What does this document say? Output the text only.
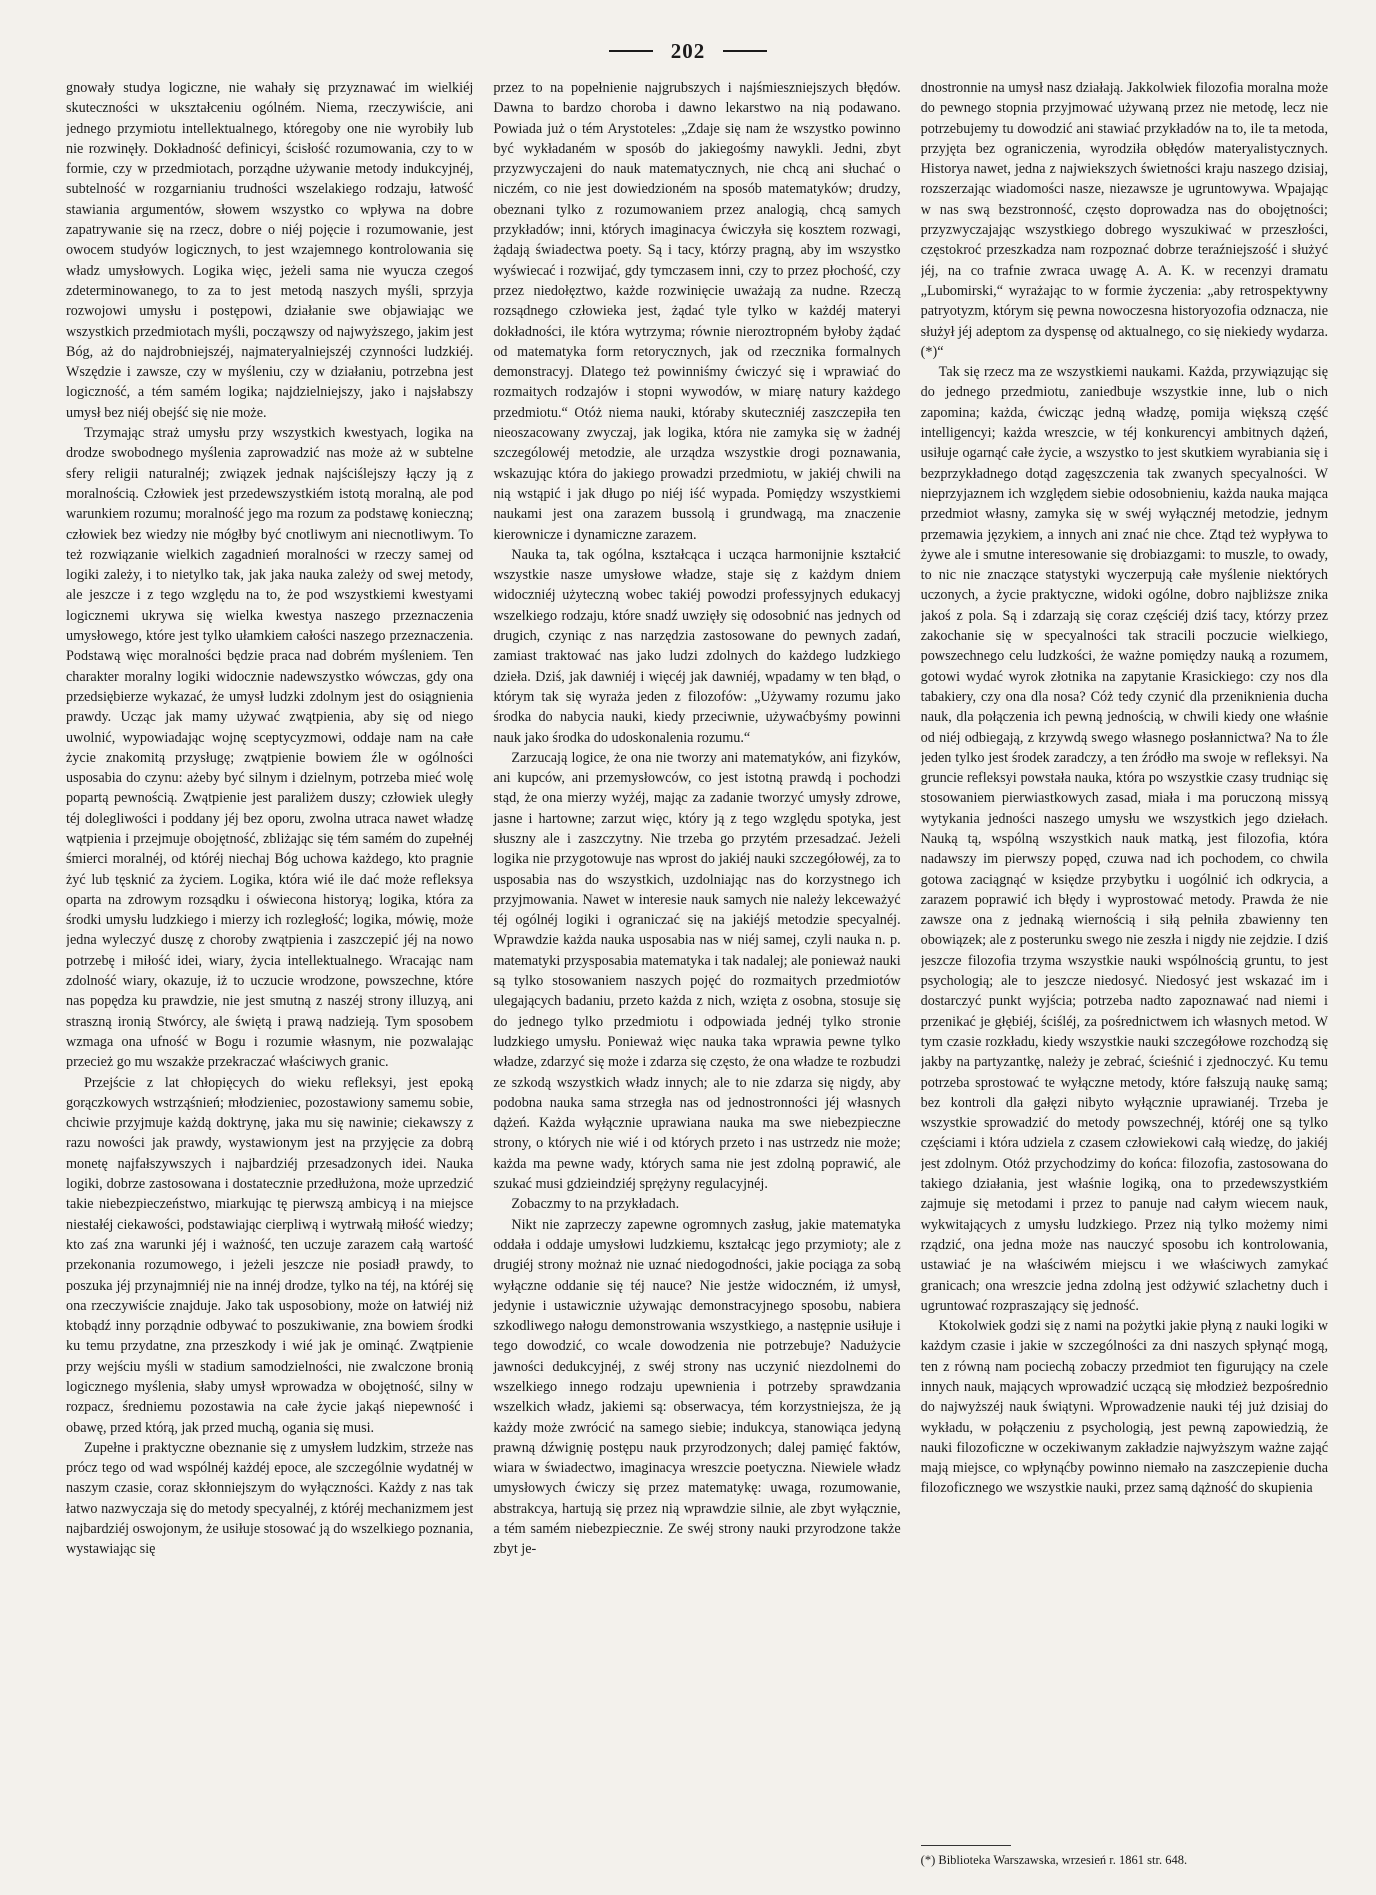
202

gnowały studya logiczne, nie wahały się przyznawać im wielkiéj skuteczności w ukształceniu ogólném. Niema, rzeczywiście, ani jednego przymiotu intellektualnego, któregoby one nie wyrobiły lub nie rozwinęły. Dokładność definicyi, ścisłość rozumowania, czy to w formie, czy w przedmiotach, porządne używanie metody indukcyjnéj, subtelność w rozgarnianiu trudności wszelakiego rodzaju, łatwość stawiania argumentów, słowem wszystko co wpływa na dobre zapatrywanie się na rzecz, dobre o niéj pojęcie i rozumowanie, jest owocem studyów logicznych, to jest wzajemnego kontrolowania się władz umysłowych. Logika więc, jeżeli sama nie wyucza czegoś zdeterminowanego, to za to jest metodą naszych myśli, sprzyja rozwojowi umysłu i postępowi, działanie swe objawiając we wszystkich przedmiotach myśli, począwszy od najwyższego, jakim jest Bóg, aż do najdrobniejszéj, najmateryalniejszéj czynności ludzkiéj. Wszędzie i zawsze, czy w myśleniu, czy w działaniu, potrzebna jest logiczność, a tém samém logika; najdzielniejszy, jako i najsłabszy umysł bez niéj obejść się nie może.

Trzymając straż umysłu przy wszystkich kwestyach, logika na drodze swobodnego myślenia zaprowadzić nas może aż w subtelne sfery religii naturalnéj; związek jednak najściślejszy łączy ją z moralnością. Człowiek jest przedewszystkiém istotą moralną, ale pod warunkiem rozumu; moralność jego ma rozum za podstawę konieczną; człowiek bez wiedzy nie mógłby być cnotliwym ani niecnotliwym. To też rozwiązanie wielkich zagadnień moralności w rzeczy samej od logiki zależy, i to nietylko tak, jak jaka nauka zależy od swej metody, ale jeszcze i z tego względu na to, że pod wszystkiemi kwestyami logicznemi ukrywa się wielka kwestya naszego przeznaczenia umysłowego, które jest tylko ułamkiem całości naszego przeznaczenia. Podstawą więc moralności będzie praca nad dobrém myśleniem. Ten charakter moralny logiki widocznie nadewszystko wówczas, gdy ona przedsiębierze wykazać, że umysł ludzki zdolnym jest do osiągnienia prawdy. Ucząc jak mamy używać zwątpienia, aby się od niego uwolnić, wypowiadając wojnę sceptycyzmowi, oddaje nam na całe życie znakomitą przysługę; zwątpienie bowiem źle w ogólności usposabia do czynu: ażeby być silnym i dzielnym, potrzeba mieć wolę popartą pewnością. Zwątpienie jest paraliżem duszy; człowiek uległy téj dolegliwości i poddany jéj bez oporu, zwolna utraca nawet władzę wątpienia i przejmuje obojętność, zbliżając się tém samém do zupełnéj śmierci moralnéj, od któréj niechaj Bóg uchowa każdego, kto pragnie żyć lub tęsknić za życiem. Logika, która wié ile dać może refleksya oparta na zdrowym rozsądku i oświecona historyą; logika, która za środki umysłu ludzkiego i mierzy ich rozległość; logika, mówię, może jedna wyleczyć duszę z choroby zwątpienia i zaszczepić jéj na nowo potrzebę i miłość idei, wiary, życia intellektualnego. Wracając nam zdolność wiary, okazuje, iż to uczucie wrodzone, powszechne, które nas popędza ku prawdzie, nie jest smutną z naszéj strony illuzyą, ani straszną ironią Stwórcy, ale świętą i prawą nadzieją. Tym sposobem wzmaga ona ufność w Bogu i rozumie własnym, nie pozwalając przecież go mu wszakże przekraczać właściwych granic.

Przejście z lat chłopięcych do wieku refleksyi, jest epoką gorączkowych wstrząśnień; młodzieniec, pozostawiony samemu sobie, chciwie przyjmuje każdą doktrynę, jaka mu się nawinie; ciekawszy z razu nowości jak prawdy, wystawionym jest na przyjęcie za dobrą monetę najfałszywszych i najbardziéj przesadzonych idei. Nauka logiki, dobrze zastosowana i dostatecznie przedłużona, może uprzedzić takie niebezpieczeństwo, miarkując tę pierwszą ambicyą i na miejsce niestałéj ciekawości, podstawiając cierpliwą i wytrwałą miłość wiedzy; kto zaś zna warunki jéj i ważność, ten uczuje zarazem całą wartość przekonania rozumowego, i jeżeli jeszcze nie posiadł prawdy, to poszuka jéj przynajmniéj nie na innéj drodze, tylko na téj, na któréj się ona rzeczywiście znajduje. Jako tak usposobiony, może on łatwiéj niż ktobądź inny porządnie odbywać to poszukiwanie, zna bowiem środki ku temu przydatne, zna przeszkody i wié jak je ominąć. Zwątpienie przy wejściu myśli w stadium samodzielności, nie zwalczone bronią logicznego myślenia, słaby umysł wprowadza w obojętność, silny w rozpacz, średniemu pozostawia na całe życie jakąś niepewność i obawę, przed którą, jak przed muchą, ogania się musi.

Zupełne i praktyczne obeznanie się z umysłem ludzkim, strzeże nas prócz tego od wad wspólnéj każdéj epoce, ale szczególnie wydatnéj w naszym czasie, coraz skłonniejszym do wyłączności. Każdy z nas tak łatwo nazwyczaja się do metody specyalnéj, z któréj mechanizmem jest najbardziéj oswojonym, że usiłuje stosować ją do wszelkiego poznania, wystawiając się

przez to na popełnienie najgrubszych i najśmieszniejszych błędów. Dawna to bardzo choroba i dawno lekarstwo na nią podawano. Powiada już o tém Arystoteles: „Zdaje się nam że wszystko powinno być wykładaném w sposób do jakiegośmy nawykli. Jedni, zbyt przyzwyczajeni do nauk matematycznych, nie chcą ani słuchać o niczém, co nie jest dowiedzioném na sposób matematyków; drudzy, obeznani tylko z rozumowaniem przez analogią, chcą samych przykładów; inni, których imaginacya ćwiczyła się kosztem rozwagi, żądają świadectwa poety. Są i tacy, którzy pragną, aby im wszystko wyświecać i rozwijać, gdy tymczasem inni, czy to przez płochość, czy przez niedołęztwo, każde rozwinięcie uważają za nudne. Rzeczą rozsądnego człowieka jest, żądać tyle tylko w każdéj materyi dokładności, ile która wytrzyma; równie nieroztropném byłoby żądać od matematyka form retorycznych, jak od rzecznika formalnych demonstracyj. Dlatego też powinniśmy ćwiczyć się i wprawiać do rozmaitych rodzajów i stopni wywodów, w miarę natury każdego przedmiotu.“ Otóż niema nauki, któraby skuteczniéj zaszczepiła ten nieoszacowany zwyczaj, jak logika, która nie zamyka się w żadnéj szczególowéj metodzie, ale urządza wszystkie drogi poznawania, wskazując która do jakiego prowadzi przedmiotu, w jakiéj chwili na nią wstąpić i jak długo po niéj iść wypada. Pomiędzy wszystkiemi naukami jest ona zarazem bussolą i grundwagą, ma znaczenie kierownicze i dynamiczne zarazem.

Nauka ta, tak ogólna, kształcąca i ucząca harmonijnie kształcić wszystkie nasze umysłowe władze, staje się z każdym dniem widoczniéj użyteczną wobec takiéj powodzi professyjnych edukacyj wszelkiego rodzaju, które snadź uwzięły się odosobnić nas jednych od drugich, czyniąc z nas narzędzia zastosowane do pewnych zadań, zamiast traktować nas jako ludzi zdolnych do każdego ludzkiego dzieła. Dziś, jak dawniéj i więcéj jak dawniéj, wpadamy w ten błąd, o którym tak się wyraża jeden z filozofów: „Używamy rozumu jako środka do nabycia nauki, kiedy przeciwnie, używaćbyśmy powinni nauk jako środka do udoskonalenia rozumu.“

Zarzucają logice, że ona nie tworzy ani matematyków, ani fizyków, ani kupców, ani przemysłowców, co jest istotną prawdą i pochodzi stąd, że ona mierzy wyżéj, mając za zadanie tworzyć umysły zdrowe, jasne i hartowne; zarzut więc, który ją z tego względu spotyka, jest słuszny ale i zaszczytny. Nie trzeba go przytém przesadzać. Jeżeli logika nie przygotowuje nas wprost do jakiéj nauki szczegółowéj, za to usposabia nas do wszystkich, uzdolniając nas do korzystnego ich przyjmowania. Nawet w interesie nauk samych nie należy lekceważyć téj ogólnéj logiki i ograniczać się na jakiéjś metodzie specyalnéj. Wprawdzie każda nauka usposabia nas w niéj samej, czyli nauka n. p. matematyki przysposabia matematyka i tak nadalej; ale ponieważ nauki są tylko stosowaniem naszych pojęć do rozmaitych przedmiotów ulegających badaniu, przeto każda z nich, wzięta z osobna, stosuje się do jednego tylko przedmiotu i odpowiada jednéj tylko stronie ludzkiego umysłu. Ponieważ więc nauka taka wprawia pewne tylko władze, zdarzyć się może i zdarza się często, że ona władze te rozbudzi ze szkodą wszystkich władz innych; ale to nie zdarza się nigdy, aby podobna nauka sama strzegła nas od jednostronności jéj własnych dążeń. Każda wyłącznie uprawiana nauka ma swe niebezpieczne strony, o których nie wié i od których przeto i nas ustrzedz nie może; każda ma pewne wady, których sama nie jest zdolną poprawić, ale szukać musi gdzieindziéj sprężyny regulacyjnéj.

Zobaczmy to na przykładach.

Nikt nie zaprzeczy zapewne ogromnych zasług, jakie matematyka oddała i oddaje umysłowi ludzkiemu, kształcąc jego przymioty; ale z drugiéj strony możnaż nie uznać niedogodności, jakie pociąga za sobą wyłączne oddanie się téj nauce? Nie jestże widoczném, iż umysł, jedynie i ustawicznie używając demonstracyjnego sposobu, nabiera szkodliwego nałogu demonstrowania wszystkiego, a następnie usiłuje i tego dowodzić, co wcale dowodzenia nie potrzebuje? Nadużycie jawności dedukcyjnéj, z swéj strony nas uczynić niezdolnemi do wszelkiego innego rodzaju upewnienia i potrzeby sprawdzania wszelkich władz, jakiemi są: obserwacya, tém korzystniejsza, że ją każdy może zwrócić na samego siebie; indukcya, stanowiąca jedyną prawną dźwignię postępu nauk przyrodzonych; dalej pamięć faktów, wiara w świadectwo, imaginacya wreszcie poetyczna. Niewiele władz umysłowych ćwiczy się przez matematykę: uwaga, rozumowanie, abstrakcya, hartują się przez nią wprawdzie silnie, ale zbyt wyłącznie, a tém samém niebezpiecznie. Ze swéj strony nauki przyrodzone także zbyt je-

dnostronnie na umysł nasz działają. Jakkolwiek filozofia moralna może do pewnego stopnia przyjmować używaną przez nie metodę, lecz nie potrzebujemy tu dowodzić ani stawiać przykładów na to, ile ta metoda, przyjęta bez ograniczenia, wyrodziła obłędów materyalistycznych. Historya nawet, jedna z najwiekszych świetności kraju naszego dzisiaj, rozszerzając wiadomości nasze, niezawsze je ugruntowywa. Wpajając w nas swą bezstronność, często doprowadza nas do obojętności; przyzwyczajając wszystkiego dobrego wyszukiwać w przeszłości, częstokroć przeszkadza nam rozpoznać dobrze teraźniejszość i służyć jéj, na co trafnie zwraca uwagę A. A. K. w recenzyi dramatu „Lubomirski,“ wyrażając to w formie życzenia: „aby retrospektywny patryotyzm, którym się pewna nowoczesna historyozofia odznacza, nie służył jéj adeptom za dyspensę od aktualnego, co się niekiedy wydarza. (*)“

Tak się rzecz ma ze wszystkiemi naukami. Każda, przywiązując się do jednego przedmiotu, zaniedbuje wszystkie inne, lub o nich zapomina; każda, ćwicząc jedną władzę, pomija większą część intelligencyi; każda wreszcie, w téj konkurencyi ambitnych dążeń, usiłuje ogarnąć całe życie, a wszystko to jest skutkiem wyrabiania się i bezprzykładnego dotąd zagęszczenia tak zwanych specyalności. W nieprzyjaznem ich względem siebie odosobnieniu, każda nauka mająca przedmiot własny, zamyka się w swéj wyłącznéj metodzie, jednym przemawia językiem, a innych ani znać nie chce. Ztąd też wypływa to żywe ale i smutne interesowanie się drobiazgami: to muszle, to owady, to nic nie znaczące statystyki wyczerpują całe myślenie niektórych uczonych, a życie praktyczne, widoki ogólne, dobro najbliższe znika jakoś z pola. Są i zdarzają się coraz częściéj dziś tacy, którzy przez zakochanie się w specyalności tak stracili poczucie wielkiego, powszechnego celu ludzkości, że ważne pomiędzy nauką a rozumem, gotowi wydać wyrok złotnika na zapytanie Krasickiego: czy nos dla tabakiery, czy ona dla nosa? Cóż tedy czynić dla przeniknienia ducha nauk, dla połączenia ich pewną jednością, w chwili kiedy one właśnie od niéj odbiegają, z krzywdą swego własnego posłannictwa? Na to źle jeden tylko jest środek zaradczy, a ten źródło ma swoje w refleksyi. Na gruncie refleksyi powstała nauka, która po wszystkie czasy trudniąc się stosowaniem pierwiastkowych zasad, miała i ma poruczoną missyą wytykania jedności naszego umysłu we wszystkich jego dziełach. Nauką tą, wspólną wszystkich nauk matką, jest filozofia, która nadawszy im pierwszy popęd, czuwa nad ich pochodem, co chwila gotowa zaciągnąć w księdze przybytku i uogólnić ich odkrycia, a zarazem poprawić ich błędy i wyprostować metody. Prawda że nie zawsze ona z jednaką wiernością i siłą pełniła zbawienny ten obowiązek; ale z posterunku swego nie zeszła i nigdy nie zejdzie. I dziś jeszcze filozofia trzyma wszystkie nauki wspólnością gruntu, to jest psychologią; ale to jeszcze niedosyć. Niedosyć jest wskazać im i dostarczyć punkt wyjścia; potrzeba nadto zapoznawać nad niemi i przenikać je głębiéj, ściśléj, za pośrednictwem ich własnych metod. W tym czasie rozkładu, kiedy wszystkie nauki szczegółowe rozchodzą się jakby na partyzantkę, należy je zebrać, ścieśnić i zjednoczyć. Ku temu potrzeba sprostować te wyłączne metody, które fałszują naukę samą; bez kontroli dla gałęzi nibyto wyłącznie uprawianéj. Trzeba je wszystkie sprowadzić do metody powszechnéj, któréj one są tylko częściami i która udziela z czasem człowiekowi całą wiedzę, do jakiéj jest zdolnym. Otóż przychodzimy do końca: filozofia, zastosowana do takiego działania, jest właśnie logiką, ona to przedewszystkiém zajmuje się metodami i przez to panuje nad całym wiecem nauk, wykwitających z umysłu ludzkiego. Przez nią tylko możemy nimi rządzić, ona jedna może nas nauczyć sposobu ich kontrolowania, ustawiać je na właściwém miejscu i we właściwych zamykać granicach; ona wreszcie jedna zdolną jest odżywić szlachetny duch i ugruntować rozpraszający się jedność.

Ktokolwiek godzi się z nami na pożytki jakie płyną z nauki logiki w każdym czasie i jakie w szczególności za dni naszych spłynąć mogą, ten z równą nam pociechą zobaczy przedmiot ten figurujący na czele innych nauk, mających wprowadzić uczącą się młodzież bezpośrednio do najwyższéj nauk świątyni. Wprowadzenie nauki téj już dzisiaj do wykładu, w połączeniu z psychologią, jest pewną zapowiedzią, że nauki filozoficzne w oczekiwanym zakładzie najwyższym ważne zająć mają miejsce, co wpłynąćby powinno niemało na zaszczepienie ducha filozoficznego we wszystkie nauki, przez samą dążność do skupienia

(*) Biblioteka Warszawska, wrzesień r. 1861 str. 648.
